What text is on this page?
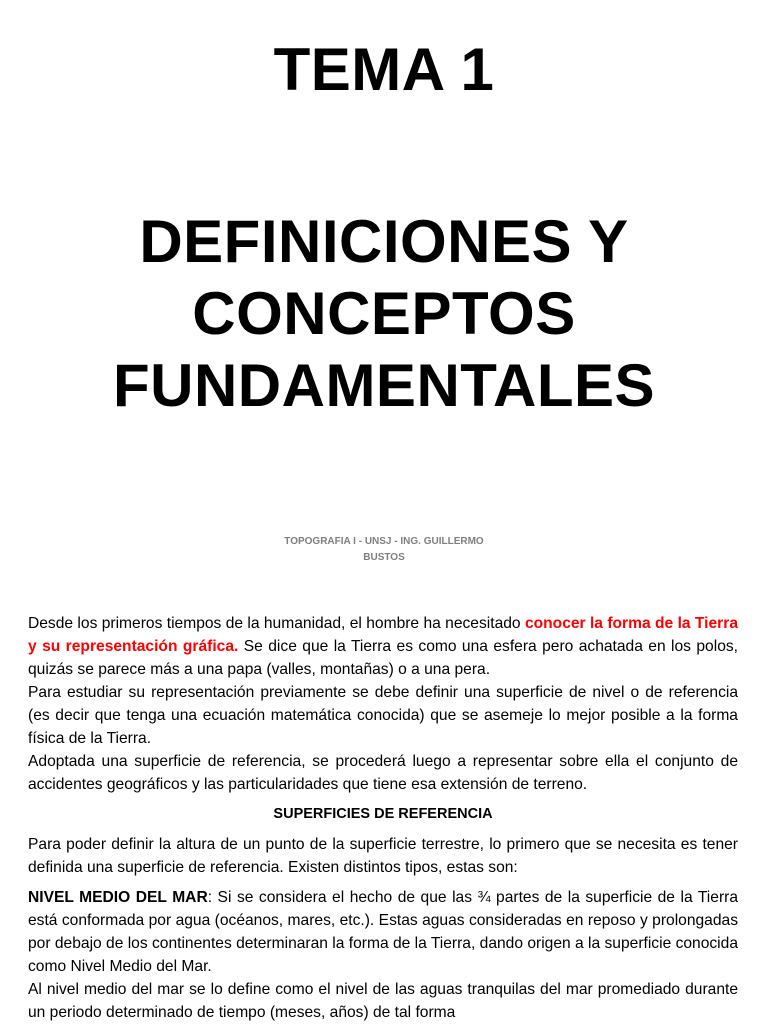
TEMA 1
DEFINICIONES Y
CONCEPTOS
FUNDAMENTALES
TOPOGRAFIA I - UNSJ - ING. GUILLERMO
BUSTOS

Desde los primeros tiempos de la humanidad, el hombre ha necesitado conocer la forma de la Tierra y su representación gráfica. Se dice que la Tierra es como una esfera pero achatada en los polos, quizás se parece más a una papa (valles, montañas) o a una pera.

Para estudiar su representación previamente se debe definir una superficie de nivel o de referencia (es decir que tenga una ecuación matemática conocida) que se asemeje lo mejor posible a la forma física de la Tierra.

Adoptada una superficie de referencia, se procederá luego a representar sobre ella el conjunto de accidentes geográficos y las particularidades que tiene esa extensión de terreno.

SUPERFICIES DE REFERENCIA

Para poder definir la altura de un punto de la superficie terrestre, lo primero que se necesita es tener definida una superficie de referencia. Existen distintos tipos, estas son:

NIVEL MEDIO DEL MAR: Si se considera el hecho de que las ¾ partes de la superficie de la Tierra está conformada por agua (océanos, mares, etc.). Estas aguas consideradas en reposo y prolongadas por debajo de los continentes determinaran la forma de la Tierra, dando origen a la superficie conocida como Nivel Medio del Mar.

Al nivel medio del mar se lo define como el nivel de las aguas tranquilas del mar promediado durante un periodo determinado de tiempo (meses, años) de tal forma
